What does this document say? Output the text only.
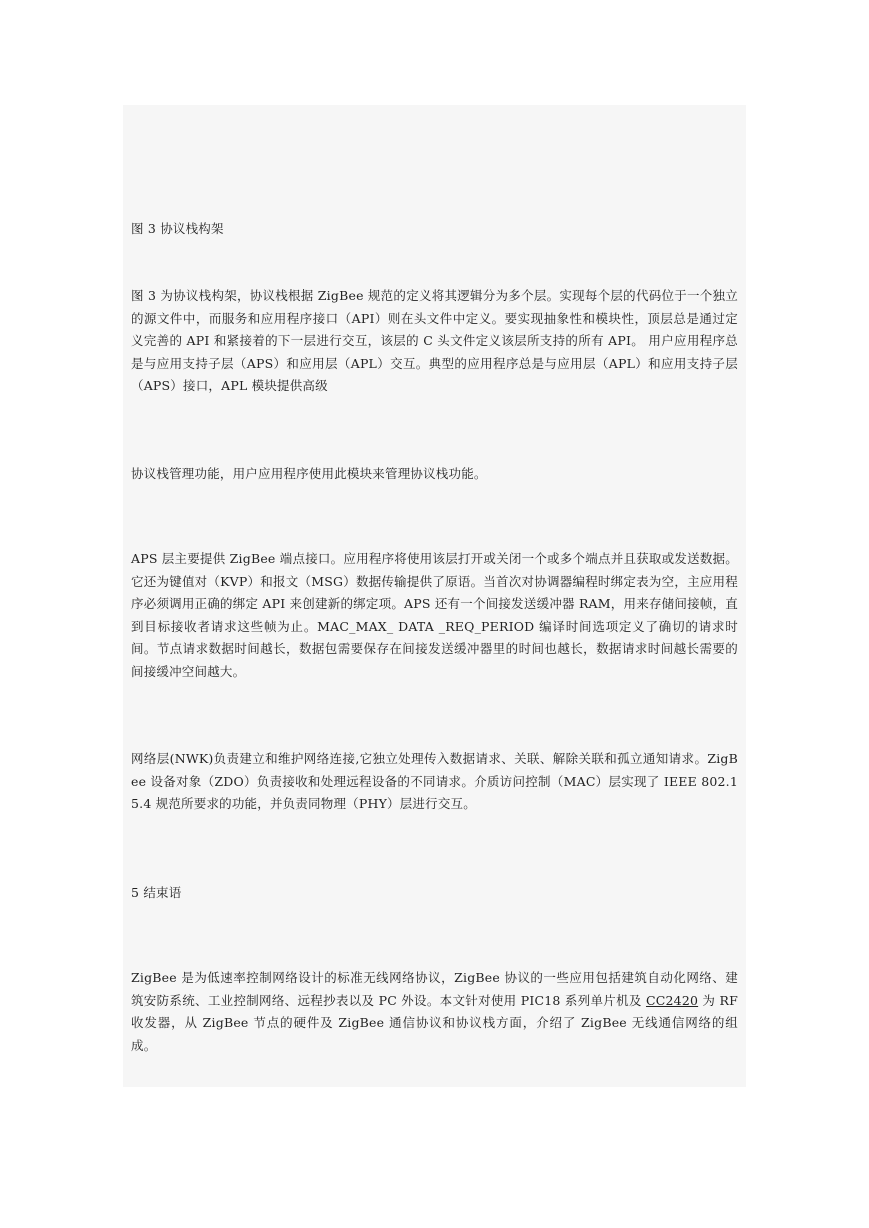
图 3 协议栈构架

图 3 为协议栈构架，协议栈根据 ZigBee 规范的定义将其逻辑分为多个层。实现每个层的代码位于一个独立的源文件中，而服务和应用程序接口（API）则在头文件中定义。要实现抽象性和模块性，顶层总是通过定义完善的 API 和紧接着的下一层进行交互，该层的 C 头文件定义该层所支持的所有 API。 用户应用程序总是与应用支持子层（APS）和应用层（APL）交互。典型的应用程序总是与应用层（APL）和应用支持子层（APS）接口，APL 模块提供高级

协议栈管理功能，用户应用程序使用此模块来管理协议栈功能。

APS 层主要提供 ZigBee 端点接口。应用程序将使用该层打开或关闭一个或多个端点并且获取或发送数据。它还为键值对（KVP）和报文（MSG）数据传输提供了原语。当首次对协调器编程时绑定表为空，主应用程序必须调用正确的绑定 API 来创建新的绑定项。APS 还有一个间接发送缓冲器 RAM，用来存储间接帧，直到目标接收者请求这些帧为止。MAC_MAX_ DATA _REQ_PERIOD 编译时间选项定义了确切的请求时间。节点请求数据时间越长，数据包需要保存在间接发送缓冲器里的时间也越长，数据请求时间越长需要的间接缓冲空间越大。

网络层(NWK)负责建立和维护网络连接,它独立处理传入数据请求、关联、解除关联和孤立通知请求。ZigBee 设备对象（ZDO）负责接收和处理远程设备的不同请求。介质访问控制（MAC）层实现了 IEEE 802.15.4 规范所要求的功能，并负责同物理（PHY）层进行交互。

5 结束语

ZigBee 是为低速率控制网络设计的标准无线网络协议，ZigBee 协议的一些应用包括建筑自动化网络、建筑安防系统、工业控制网络、远程抄表以及 PC 外设。本文针对使用 PIC18 系列单片机及 CC2420 为 RF 收发器，从 ZigBee 节点的硬件及 ZigBee 通信协议和协议栈方面，介绍了 ZigBee 无线通信网络的组成。
